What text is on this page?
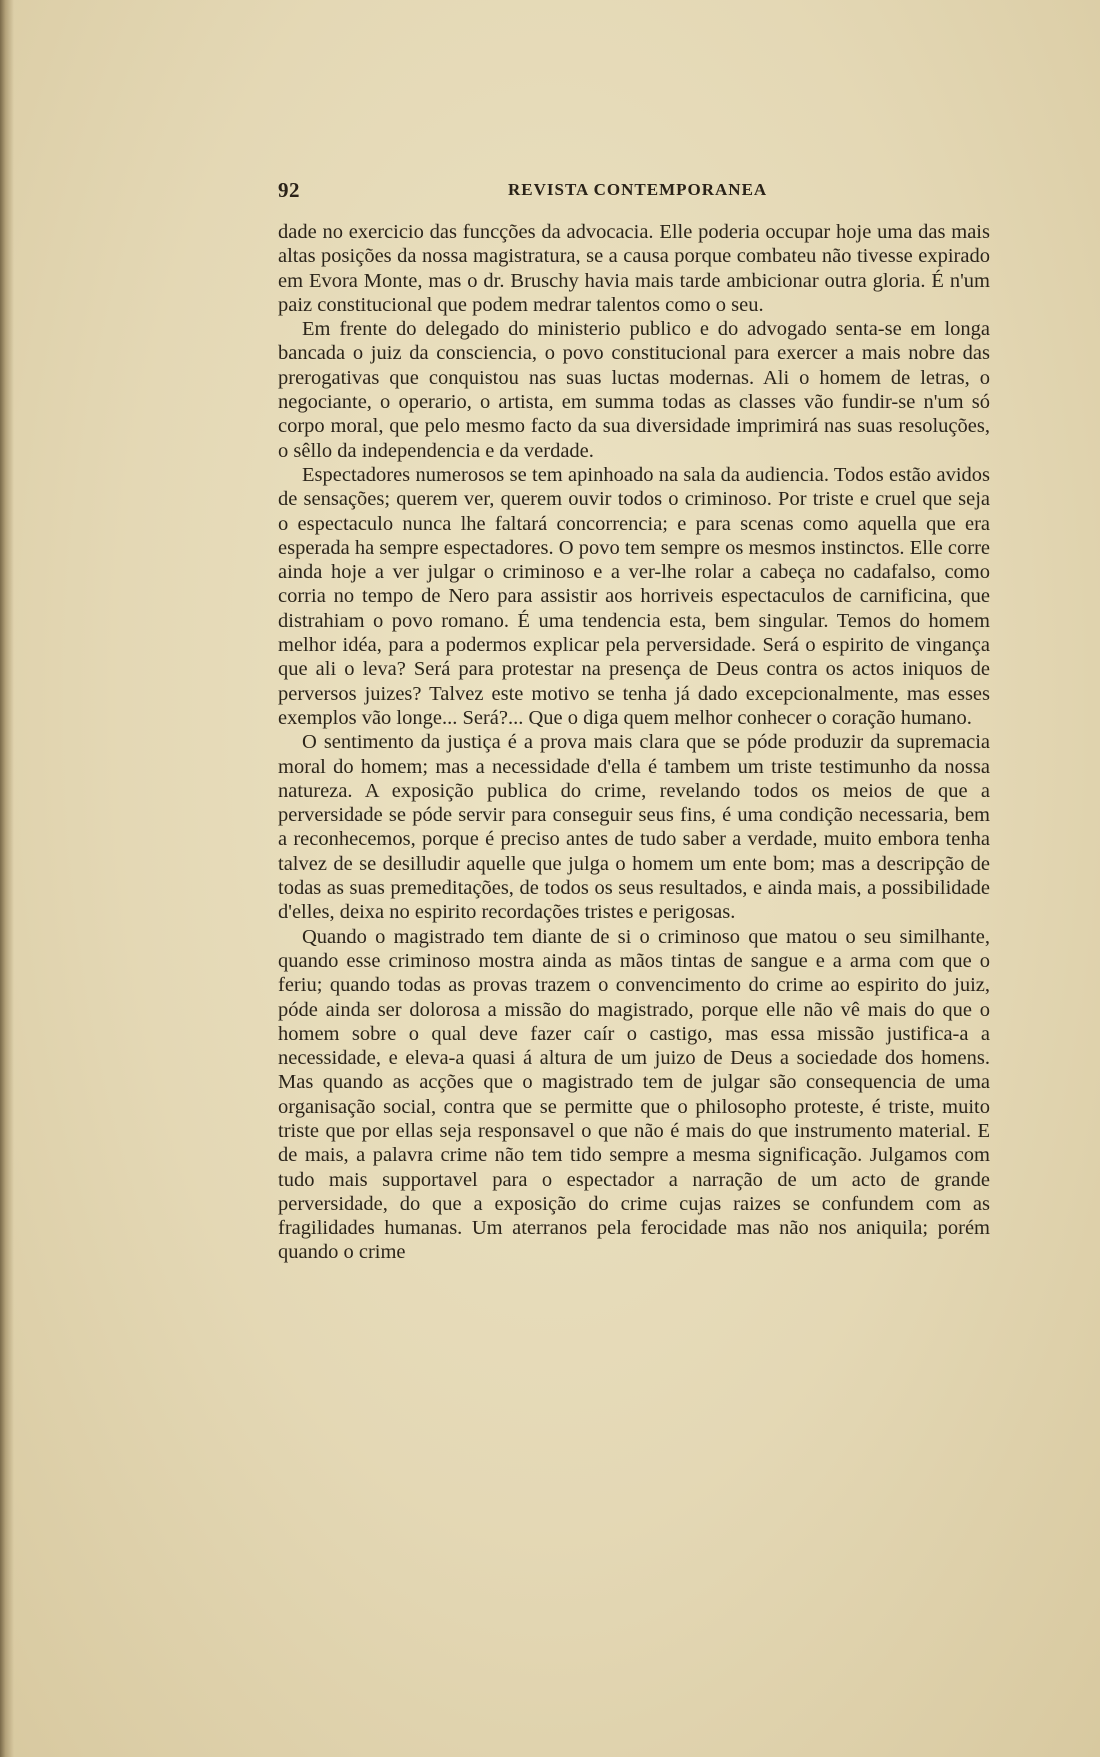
92	REVISTA CONTEMPORANEA

dade no exercicio das funcções da advocacia. Elle poderia occupar hoje uma das mais altas posições da nossa magistratura, se a causa porque combateu não tivesse expirado em Evora Monte, mas o dr. Bruschy havia mais tarde ambicionar outra gloria. É n'um paiz constitucional que podem medrar talentos como o seu.

Em frente do delegado do ministerio publico e do advogado senta-se em longa bancada o juiz da consciencia, o povo constitucional para exercer a mais nobre das prerogativas que conquistou nas suas luctas modernas. Ali o homem de letras, o negociante, o operario, o artista, em summa todas as classes vão fundir-se n'um só corpo moral, que pelo mesmo facto da sua diversidade imprimirá nas suas resoluções, o sêllo da independencia e da verdade.

Espectadores numerosos se tem apinhoado na sala da audiencia. Todos estão avidos de sensações; querem ver, querem ouvir todos o criminoso. Por triste e cruel que seja o espectaculo nunca lhe faltará concorrencia; e para scenas como aquella que era esperada ha sempre espectadores. O povo tem sempre os mesmos instinctos. Elle corre ainda hoje a ver julgar o criminoso e a ver-lhe rolar a cabeça no cadafalso, como corria no tempo de Nero para assistir aos horriveis espectaculos de carnificina, que distrahiam o povo romano. É uma tendencia esta, bem singular. Temos do homem melhor idéa, para a podermos explicar pela perversidade. Será o espirito de vingança que ali o leva? Será para protestar na presença de Deus contra os actos iniquos de perversos juizes? Talvez este motivo se tenha já dado excepcionalmente, mas esses exemplos vão longe... Será?... Que o diga quem melhor conhecer o coração humano.

O sentimento da justiça é a prova mais clara que se póde produzir da supremacia moral do homem; mas a necessidade d'ella é tambem um triste testimunho da nossa natureza. A exposição publica do crime, revelando todos os meios de que a perversidade se póde servir para conseguir seus fins, é uma condição necessaria, bem a reconhecemos, porque é preciso antes de tudo saber a verdade, muito embora tenha talvez de se desilludir aquelle que julga o homem um ente bom; mas a descripção de todas as suas premeditações, de todos os seus resultados, e ainda mais, a possibilidade d'elles, deixa no espirito recordações tristes e perigosas.

Quando o magistrado tem diante de si o criminoso que matou o seu similhante, quando esse criminoso mostra ainda as mãos tintas de sangue e a arma com que o feriu; quando todas as provas trazem o convencimento do crime ao espirito do juiz, póde ainda ser dolorosa a missão do magistrado, porque elle não vê mais do que o homem sobre o qual deve fazer caír o castigo, mas essa missão justifica-a a necessidade, e eleva-a quasi á altura de um juizo de Deus a sociedade dos homens. Mas quando as acções que o magistrado tem de julgar são consequencia de uma organisação social, contra que se permitte que o philosopho proteste, é triste, muito triste que por ellas seja responsavel o que não é mais do que instrumento material. E de mais, a palavra crime não tem tido sempre a mesma significação. Julgamos com tudo mais supportavel para o espectador a narração de um acto de grande perversidade, do que a exposição do crime cujas raizes se confundem com as fragilidades humanas. Um aterranos pela ferocidade mas não nos aniquila; porém quando o crime
